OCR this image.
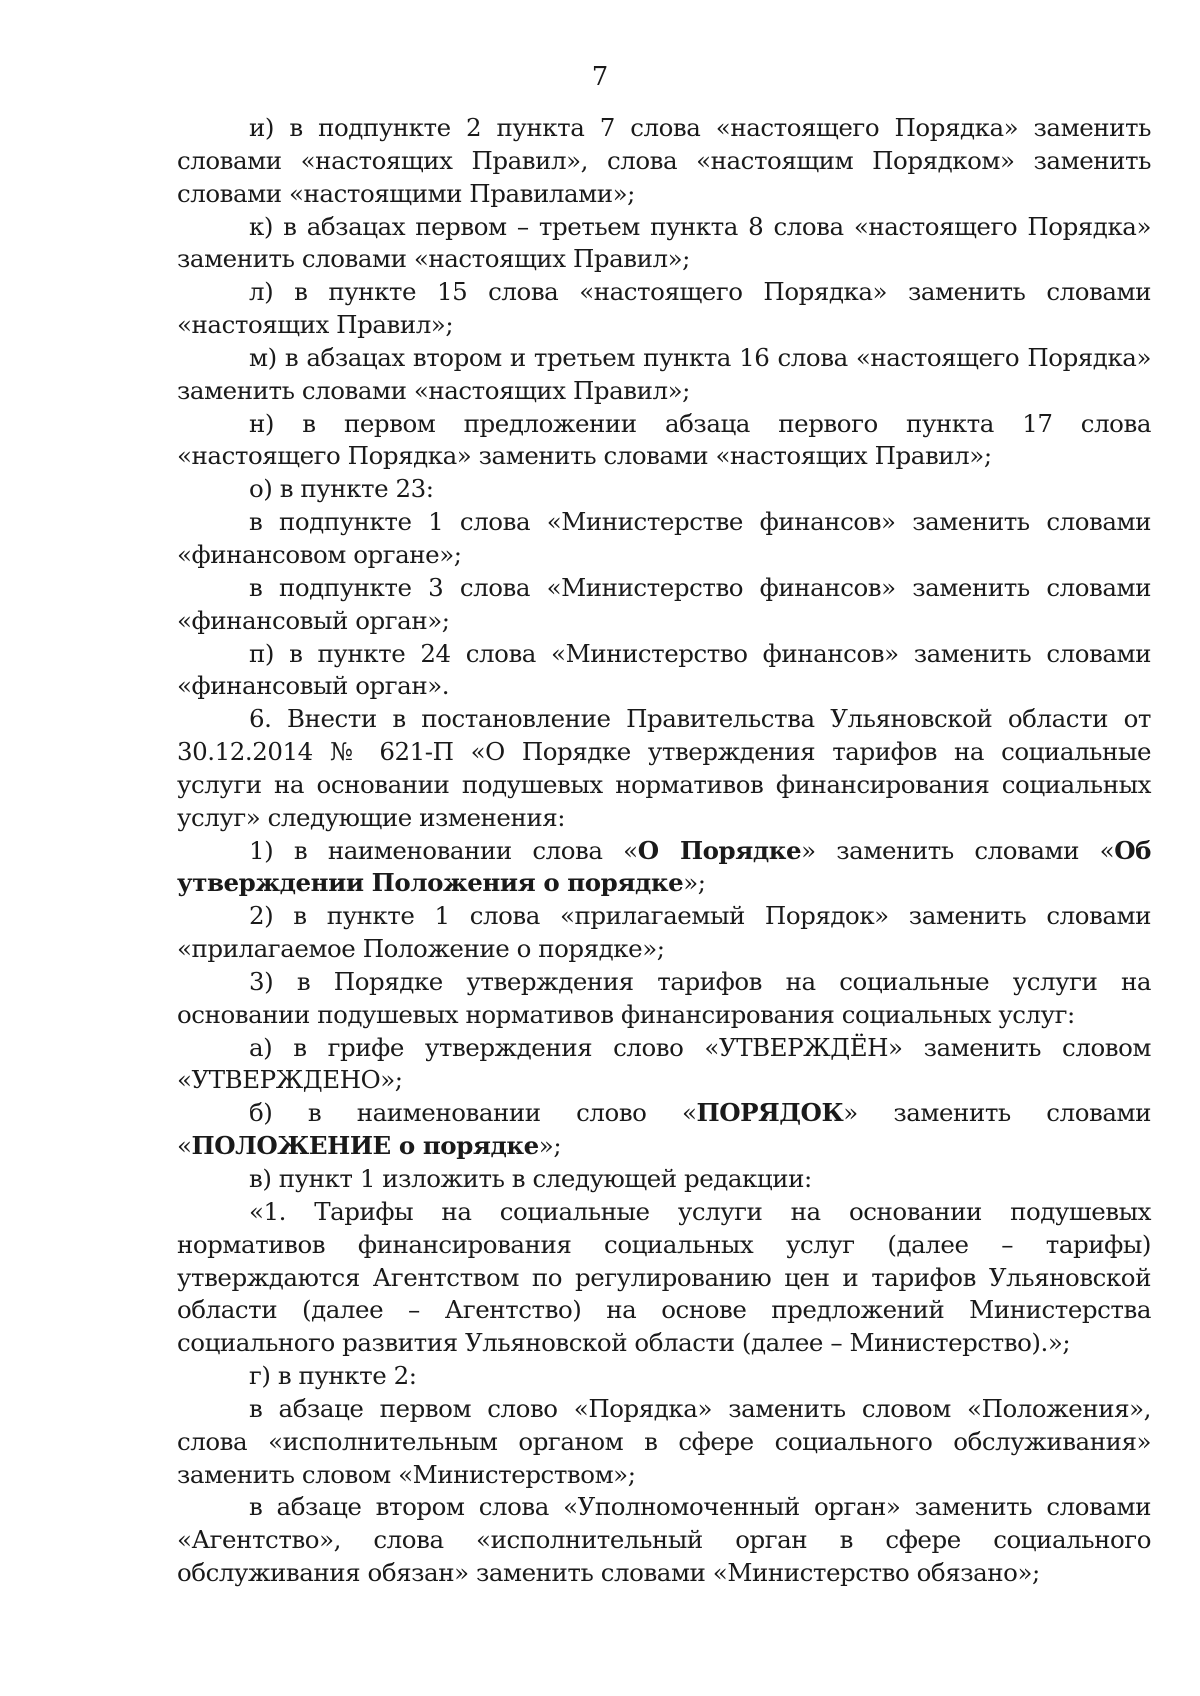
7

и) в подпункте 2 пункта 7 слова «настоящего Порядка» заменить словами «настоящих Правил», слова «настоящим Порядком» заменить словами «настоящими Правилами»;

к) в абзацах первом – третьем пункта 8 слова «настоящего Порядка» заменить словами «настоящих Правил»;

л) в пункте 15 слова «настоящего Порядка» заменить словами «настоящих Правил»;

м) в абзацах втором и третьем пункта 16 слова «настоящего Порядка» заменить словами «настоящих Правил»;

н) в первом предложении абзаца первого пункта 17 слова «настоящего Порядка» заменить словами «настоящих Правил»;

о) в пункте 23:

в подпункте 1 слова «Министерстве финансов» заменить словами «финансовом органе»;

в подпункте 3 слова «Министерство финансов» заменить словами «финансовый орган»;

п) в пункте 24 слова «Министерство финансов» заменить словами «финансовый орган».

6. Внести в постановление Правительства Ульяновской области от 30.12.2014 № 621-П «О Порядке утверждения тарифов на социальные услуги на основании подушевых нормативов финансирования социальных услуг» следующие изменения:

1) в наименовании слова «О Порядке» заменить словами «Об утверждении Положения о порядке»;

2) в пункте 1 слова «прилагаемый Порядок» заменить словами «прилагаемое Положение о порядке»;

3) в Порядке утверждения тарифов на социальные услуги на основании подушевых нормативов финансирования социальных услуг:

а) в грифе утверждения слово «УТВЕРЖДЁН» заменить словом «УТВЕРЖДЕНО»;

б) в наименовании слово «ПОРЯДОК» заменить словами «ПОЛОЖЕНИЕ о порядке»;

в) пункт 1 изложить в следующей редакции:

«1. Тарифы на социальные услуги на основании подушевых нормативов финансирования социальных услуг (далее – тарифы) утверждаются Агентством по регулированию цен и тарифов Ульяновской области (далее – Агентство) на основе предложений Министерства социального развития Ульяновской области (далее – Министерство).»;

г) в пункте 2:

в абзаце первом слово «Порядка» заменить словом «Положения», слова «исполнительным органом в сфере социального обслуживания» заменить словом «Министерством»;

в абзаце втором слова «Уполномоченный орган» заменить словами «Агентство», слова «исполнительный орган в сфере социального обслуживания обязан» заменить словами «Министерство обязано»;
